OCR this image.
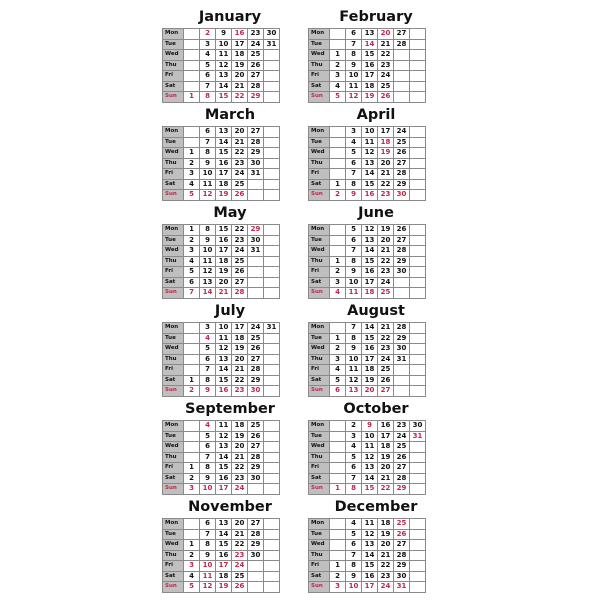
January
Mon		2	9	16	23	30
Tue		3	10	17	24	31
Wed		4	11	18	25	
Thu		5	12	19	26	
Fri		6	13	20	27	
Sat		7	14	21	28	
Sun	1	8	15	22	29	
February
Mon		6	13	20	27	
Tue		7	14	21	28	
Wed	1	8	15	22		
Thu	2	9	16	23		
Fri	3	10	17	24		
Sat	4	11	18	25		
Sun	5	12	19	26		
March
Mon		6	13	20	27	
Tue		7	14	21	28	
Wed	1	8	15	22	29	
Thu	2	9	16	23	30	
Fri	3	10	17	24	31	
Sat	4	11	18	25		
Sun	5	12	19	26		
April
Mon		3	10	17	24	
Tue		4	11	18	25	
Wed		5	12	19	26	
Thu		6	13	20	27	
Fri		7	14	21	28	
Sat	1	8	15	22	29	
Sun	2	9	16	23	30	
May
Mon	1	8	15	22	29	
Tue	2	9	16	23	30	
Wed	3	10	17	24	31	
Thu	4	11	18	25		
Fri	5	12	19	26		
Sat	6	13	20	27		
Sun	7	14	21	28		
June
Mon		5	12	19	26	
Tue		6	13	20	27	
Wed		7	14	21	28	
Thu	1	8	15	22	29	
Fri	2	9	16	23	30	
Sat	3	10	17	24		
Sun	4	11	18	25		
July
Mon		3	10	17	24	31
Tue		4	11	18	25	
Wed		5	12	19	26	
Thu		6	13	20	27	
Fri		7	14	21	28	
Sat	1	8	15	22	29	
Sun	2	9	16	23	30	
August
Mon		7	14	21	28	
Tue	1	8	15	22	29	
Wed	2	9	16	23	30	
Thu	3	10	17	24	31	
Fri	4	11	18	25		
Sat	5	12	19	26		
Sun	6	13	20	27		
September
Mon		4	11	18	25	
Tue		5	12	19	26	
Wed		6	13	20	27	
Thu		7	14	21	28	
Fri	1	8	15	22	29	
Sat	2	9	16	23	30	
Sun	3	10	17	24		
October
Mon		2	9	16	23	30
Tue		3	10	17	24	31
Wed		4	11	18	25	
Thu		5	12	19	26	
Fri		6	13	20	27	
Sat		7	14	21	28	
Sun	1	8	15	22	29	
November
Mon		6	13	20	27	
Tue		7	14	21	28	
Wed	1	8	15	22	29	
Thu	2	9	16	23	30	
Fri	3	10	17	24		
Sat	4	11	18	25		
Sun	5	12	19	26		
December
Mon		4	11	18	25	
Tue		5	12	19	26	
Wed		6	13	20	27	
Thu		7	14	21	28	
Fri	1	8	15	22	29	
Sat	2	9	16	23	30	
Sun	3	10	17	24	31	
